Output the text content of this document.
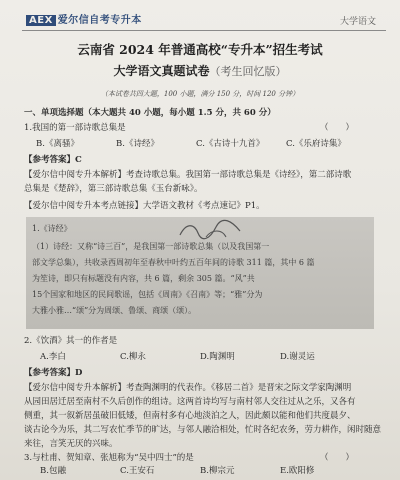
AEX 爱尔信自考专升本	大学语文
云南省 2024 年普通高校“专升本”招生考试
大学语文真题试卷（考生回忆版）
（本试卷共四大题，100 小题，满分 150 分，时间 120 分钟）
一、单项选择题（本大题共 40 小题，每小题 1.5 分，共 60 分）
1.我国的第一部诗歌总集是	（　　）
B.《离骚》	B.《诗经》	C.《古诗十九首》	C.《乐府诗集》
【参考答案】C
【爱尔信中阅专升本解析】考查诗歌总集。我国第一部诗歌总集是《诗经》，第二部诗歌
总集是《楚辞》，第三部诗歌总集《玉台新咏》。
【爱尔信中阅专升本考点链接】大学语文教材《考点速记》P1。
1.《诗经》
（1）诗经：又称“诗三百”，是我国第一部诗歌总集（以及我国第一
部文学总集），共收录西周初年至春秋中叶约五百年间的诗歌 311 篇，其中 6 篇
为笙诗，即只有标题没有内容，共 6 篇，剩余 305 篇。“风”共
15个国家和地区的民间歌谣，包括《周南》《召南》等；“雅”分为
大雅小雅…“颂”分为周颂、鲁颂、商颂（颂）。
2.《饮酒》其一的作者是
A.李白	C.柳永	D.陶渊明	D.谢灵运
【参考答案】D
【爱尔信中阅专升本解析】考查陶渊明的代表作。《移居二首》是晋宋之际文学家陶渊明
从园田居迁居至南村不久后创作的组诗。这两首诗均写与南村邻人交往过从之乐，又各有
侧重，其一叙新居虽破旧低矮，但南村多有心地淡泊之人，因此颇以能和他们共度晨夕、
谈古论今为乐，其二写农忙季节的旷达，与邻人融洽相处，忙时各纪农务，劳力耕作，闲时随意
来往，言笑无厌的兴味。
3.与杜甫、贺知章、张旭称为“吴中四士”的是	（　　）
B.包融	C.王安石	B.柳宗元	E.欧阳修
